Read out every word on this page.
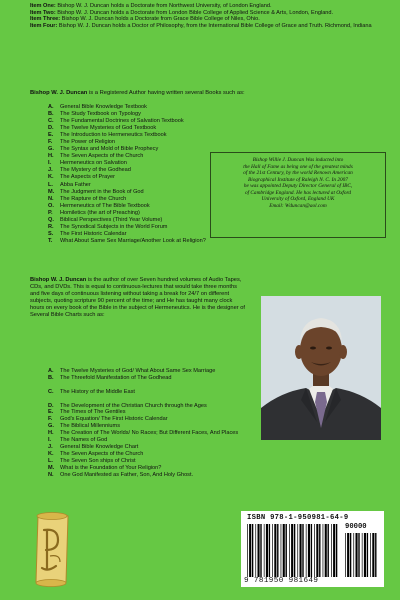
Item One: Bishop W. J. Duncan holds a Doctorate from Northwest University, of London England.

Item Two: Bishop W. J. Duncan holds a Doctorate from London Bible College of Applied Science & Arts, London, England.

Item Three: Bishop W. J. Duncan holds a Doctorate from Grace Bible College of Niles, Ohio.

Item Four: Bishop W. J. Duncan holds a Doctor of Philosophy, from the International Bible College of Grace and Truth. Richmond, Indiana

Bishop W. J. Duncan is a Registered Author having written several Books such as:
A.	General Bible Knowledge Textbook
B.	The Study Textbook on Typology
C.	The Fundamental Doctrines of Salvation Textbook
D.	The Twelve Mysteries of God Textbook
E.	The Introduction to Hermeneutics Textbook
F.	The Power of Religion
G.	The Syntax and Mold of Bible Prophecy
H.	The Seven Aspects of the Church
I.	Hermeneutics on Salvation
J.	The Mystery of the Godhead
K.	The Aspects of Prayer
L.	Abba Father
M.	The Judgment in the Book of God
N.	The Rapture of the Church
O.	Hermeneutics of The Bible Textbook
P.	Homiletics (the art of Preaching)
Q.	Biblical Perspectives (Third Year Volume)
R.	The Synodical Subjects in the World Forum
S.	The First Historic Calendar
T.	What About Same Sex Marriage/Another Look at Religion?
Bishop Willie J. Duncan Was inducted into
the Hall of Fame as being one of the greatest minds
of the 21st Century, by the world Renown American
Biographical Institute of Raleigh N. C. In 2007
he was appointed Deputy Director General of IBC,
of Cambridge England. He has lectured at Oxford
University of Oxford, England UK
Email: Wduncan@aol.com
Bishop W. J. Duncan is the author of over Seven hundred volumes of Audio Tapes, CDs, and DVDs. This is equal to continuous-lectures that would take three months and five days of continuous listening without taking a break for 24/7 on different subjects, quoting scripture 90 percent of the time; and He has taught many clock hours on every book of the Bible in the subject of Hermeneutics. He is the designer of Several Bible Charts such as:
A.	The Twelve Mysteries of God/ What About Same Sex Marriage
B.	The Threefold Manifestation of The Godhead
C.	The History of the Middle East
D.	The Development of the Christian Church through the Ages
E.	The Times of The Gentiles
F.	God's Equation/ The First Historic Calendar
G.	The Biblical Millenniums
H.	The Creation of The Worlds/ No Races; But Different Faces, And Places
I.	The Names of God
J.	General Bible Knowledge Chart
K.	The Seven Aspects of the Church
L.	The Seven Son ships of Christ
M.	What is the Foundation of Your Religion?
N.	One God Manifested as Father, Son, And Holy Ghost.
ISBN 978-1-950981-64-9
90000
9 781950 981649
